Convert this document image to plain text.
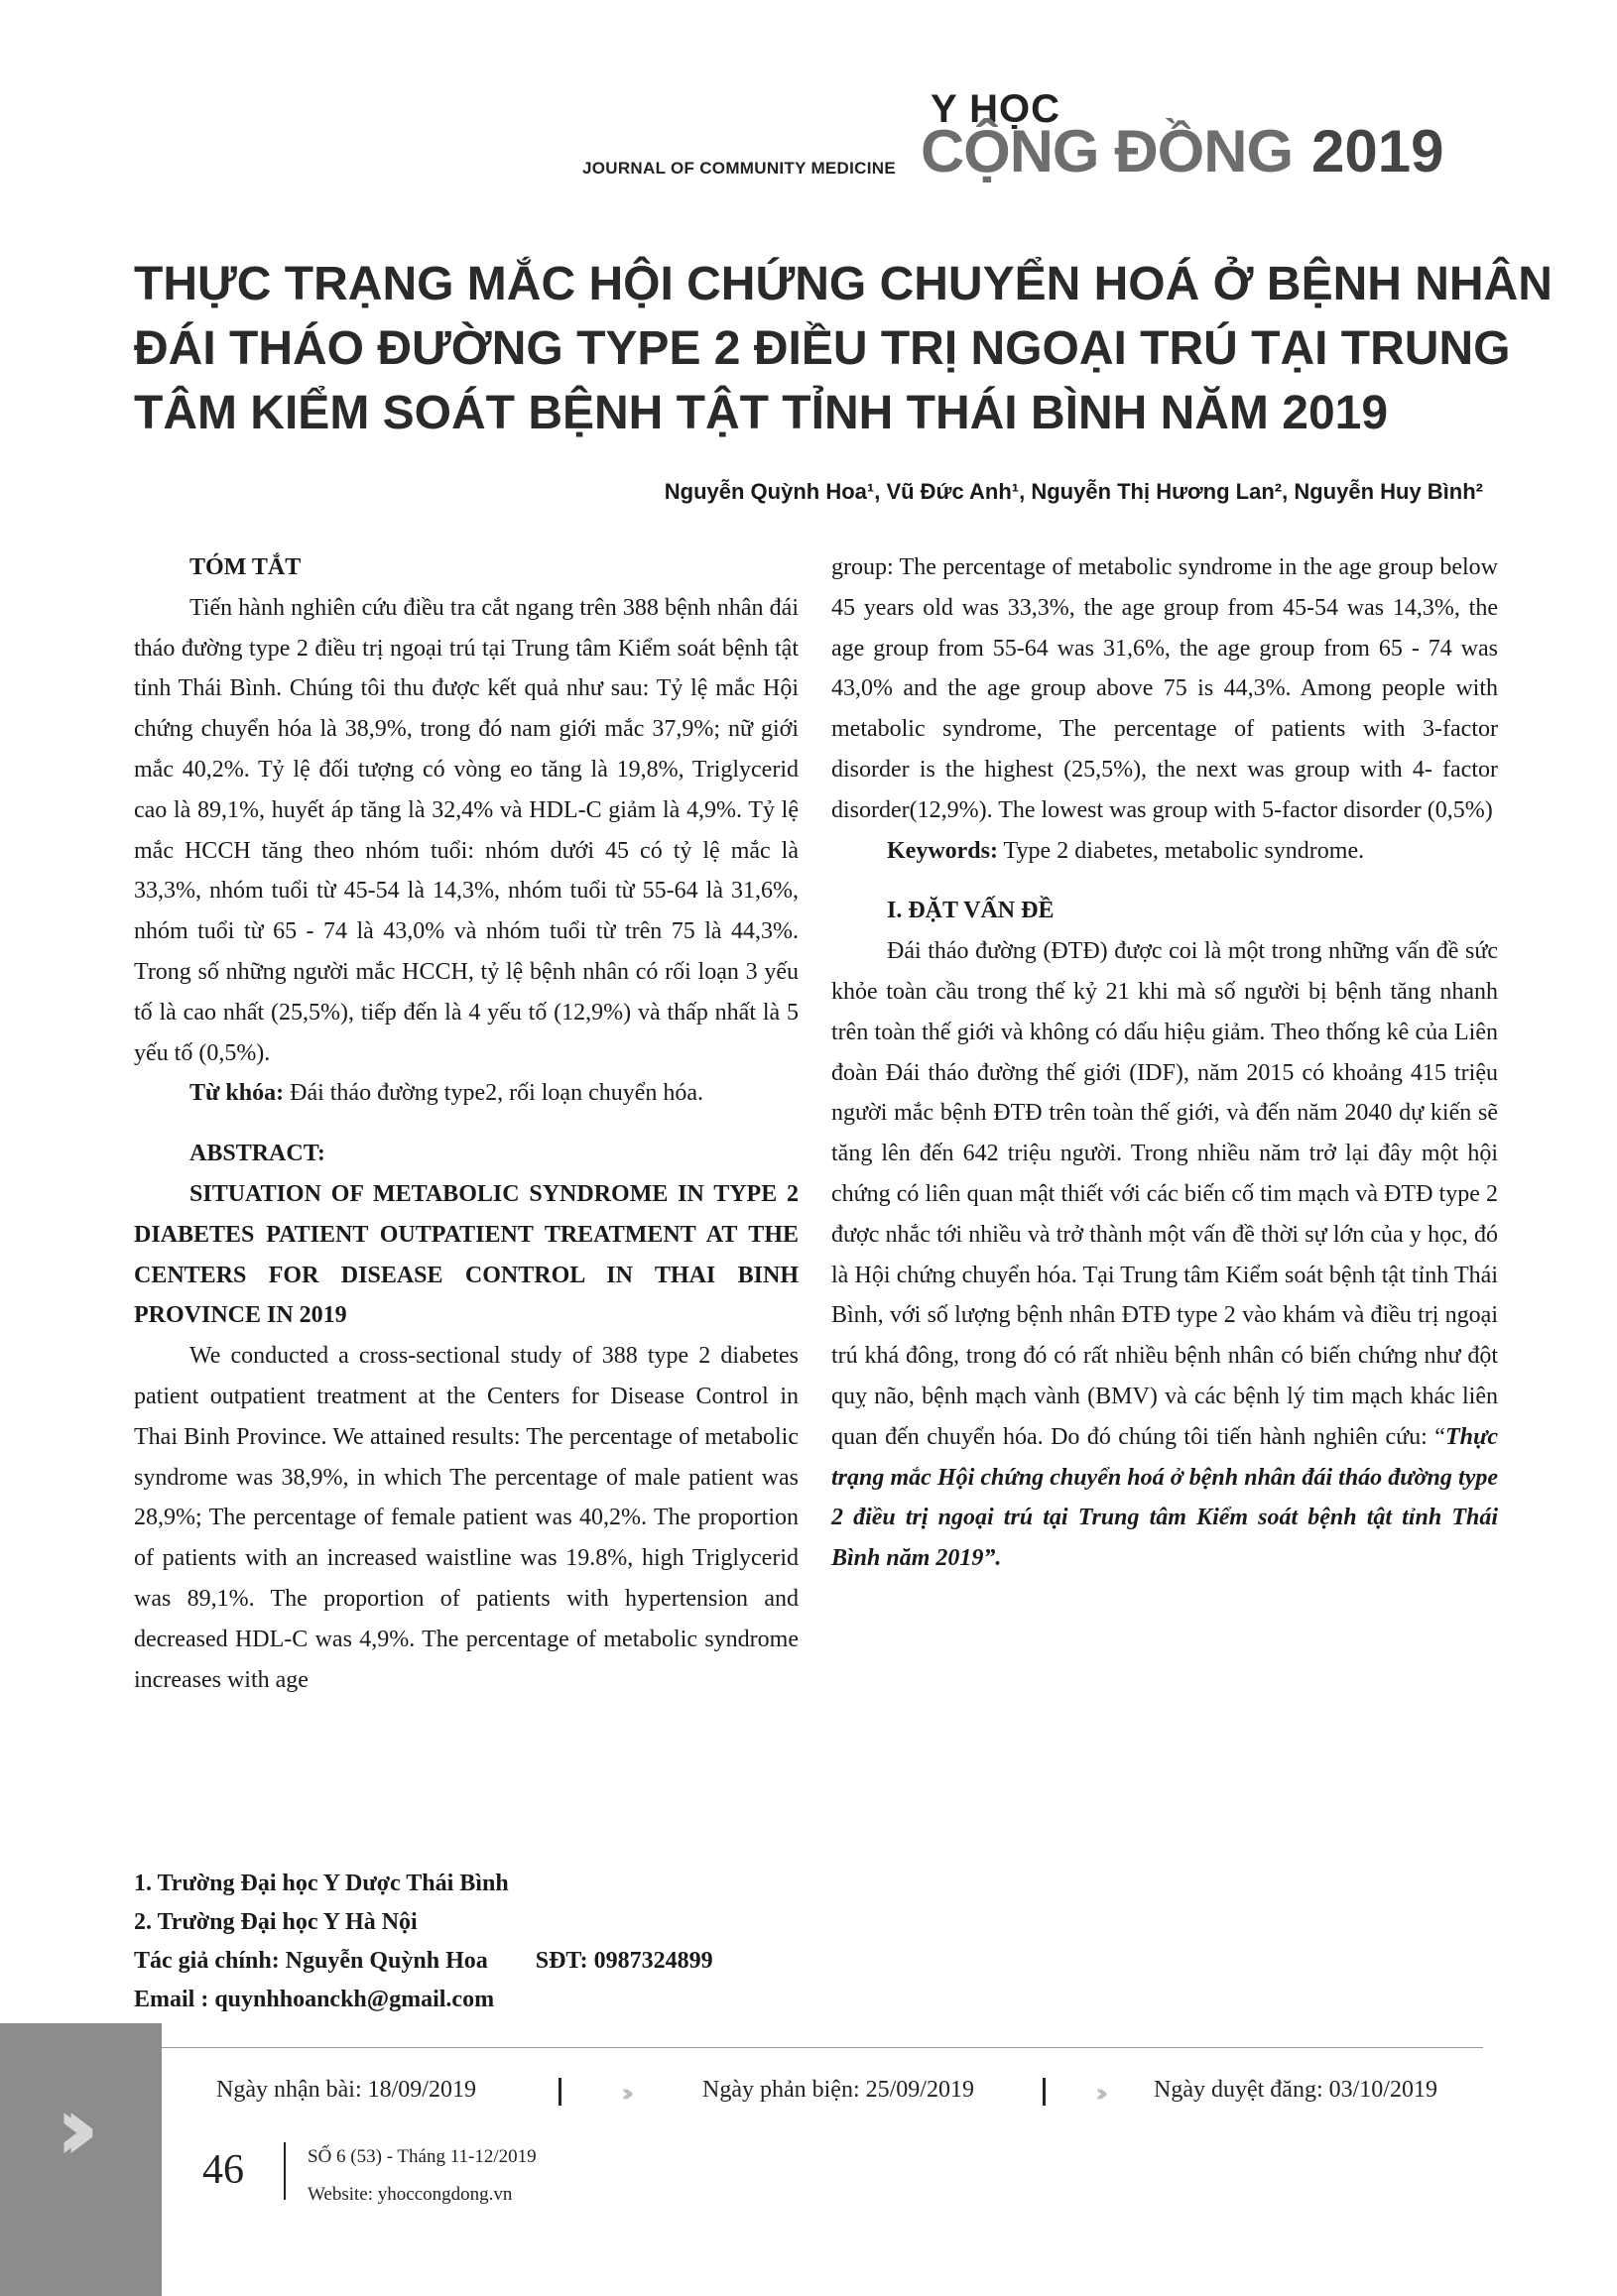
JOURNAL OF COMMUNITY MEDICINE
Y HỌC
CỘNG ĐỒNG 2019
THỰC TRẠNG MẮC HỘI CHỨNG CHUYỂN HOÁ Ở BỆNH NHÂN
ĐÁI THÁO ĐƯỜNG TYPE 2 ĐIỀU TRỊ NGOẠI TRÚ TẠI TRUNG
TÂM KIỂM SOÁT BỆNH TẬT TỈNH THÁI BÌNH NĂM 2019
Nguyễn Quỳnh Hoa¹, Vũ Đức Anh¹, Nguyễn Thị Hương Lan², Nguyễn Huy Bình²

TÓM TẮT

Tiến hành nghiên cứu điều tra cắt ngang trên 388 bệnh nhân đái tháo đường type 2 điều trị ngoại trú tại Trung tâm Kiểm soát bệnh tật tỉnh Thái Bình. Chúng tôi thu được kết quả như sau: Tỷ lệ mắc Hội chứng chuyển hóa là 38,9%, trong đó nam giới mắc 37,9%; nữ giới mắc 40,2%. Tỷ lệ đối tượng có vòng eo tăng là 19,8%, Triglycerid cao là 89,1%, huyết áp tăng là 32,4% và HDL-C giảm là 4,9%. Tỷ lệ mắc HCCH tăng theo nhóm tuổi: nhóm dưới 45 có tỷ lệ mắc là 33,3%, nhóm tuổi từ 45-54 là 14,3%, nhóm tuổi từ 55-64 là 31,6%, nhóm tuổi từ 65 - 74 là 43,0% và nhóm tuổi từ trên 75 là 44,3%. Trong số những người mắc HCCH, tỷ lệ bệnh nhân có rối loạn 3 yếu tố là cao nhất (25,5%), tiếp đến là 4 yếu tố (12,9%) và thấp nhất là 5 yếu tố (0,5%).

Từ khóa: Đái tháo đường type2, rối loạn chuyển hóa.

ABSTRACT:

SITUATION OF METABOLIC SYNDROME IN TYPE 2 DIABETES PATIENT OUTPATIENT TREATMENT AT THE CENTERS FOR DISEASE CONTROL IN THAI BINH PROVINCE IN 2019

We conducted a cross-sectional study of 388 type 2 diabetes patient outpatient treatment at the Centers for Disease Control in Thai Binh Province. We attained results: The percentage of metabolic syndrome was 38,9%, in which The percentage of male patient was 28,9%; The percentage of female patient was 40,2%. The proportion of patients with an increased waistline was 19.8%, high Triglycerid was 89,1%. The proportion of patients with hypertension and decreased HDL-C was 4,9%. The percentage of metabolic syndrome increases with age

group: The percentage of metabolic syndrome in the age group below 45 years old was 33,3%, the age group from 45-54 was 14,3%, the age group from 55-64 was 31,6%, the age group from 65 - 74 was 43,0% and the age group above 75 is 44,3%. Among people with metabolic syndrome, The percentage of patients with 3-factor disorder is the highest (25,5%), the next was group with 4- factor disorder(12,9%). The lowest was group with 5-factor disorder (0,5%)

Keywords: Type 2 diabetes, metabolic syndrome.

I. ĐẶT VẤN ĐỀ

Đái tháo đường (ĐTĐ) được coi là một trong những vấn đề sức khỏe toàn cầu trong thế kỷ 21 khi mà số người bị bệnh tăng nhanh trên toàn thế giới và không có dấu hiệu giảm. Theo thống kê của Liên đoàn Đái tháo đường thế giới (IDF), năm 2015 có khoảng 415 triệu người mắc bệnh ĐTĐ trên toàn thế giới, và đến năm 2040 dự kiến sẽ tăng lên đến 642 triệu người. Trong nhiều năm trở lại đây một hội chứng có liên quan mật thiết với các biến cố tim mạch và ĐTĐ type 2 được nhắc tới nhiều và trở thành một vấn đề thời sự lớn của y học, đó là Hội chứng chuyển hóa. Tại Trung tâm Kiểm soát bệnh tật tỉnh Thái Bình, với số lượng bệnh nhân ĐTĐ type 2 vào khám và điều trị ngoại trú khá đông, trong đó có rất nhiều bệnh nhân có biến chứng như đột quỵ não, bệnh mạch vành (BMV) và các bệnh lý tim mạch khác liên quan đến chuyển hóa. Do đó chúng tôi tiến hành nghiên cứu: “Thực trạng mắc Hội chứng chuyển hoá ở bệnh nhân đái tháo đường type 2 điều trị ngoại trú tại Trung tâm Kiểm soát bệnh tật tỉnh Thái Bình năm 2019”.

1. Trường Đại học Y Dược Thái Bình
2. Trường Đại học Y Hà Nội
Tác giả chính: Nguyễn Quỳnh Hoa SĐT: 0987324899
Email : quynhhoanckh@gmail.com
Ngày nhận bài: 18/09/2019	››	Ngày phản biện: 25/09/2019	››	Ngày duyệt đăng: 03/10/2019
››	46	SỐ 6 (53) - Tháng 11-12/2019
Website: yhoccongdong.vn
